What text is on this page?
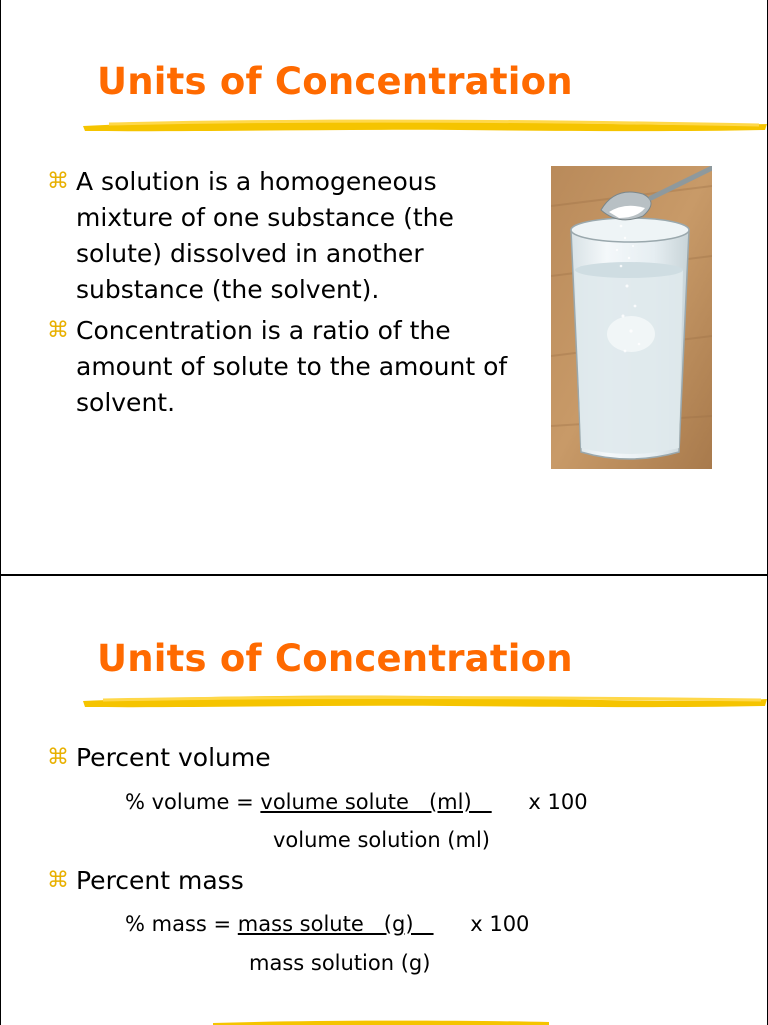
Units of Concentration
⌘ A solution is a homogeneous mixture of one substance (the solute) dissolved in another substance (the solvent).
⌘ Concentration is a ratio of the amount of solute to the amount of solvent.
Units of Concentration
⌘ Percent volume
% volume = volume solute   (ml)    x 100
volume solution (ml)
⌘ Percent mass
% mass = mass solute   (g)    x 100
mass solution (g)
